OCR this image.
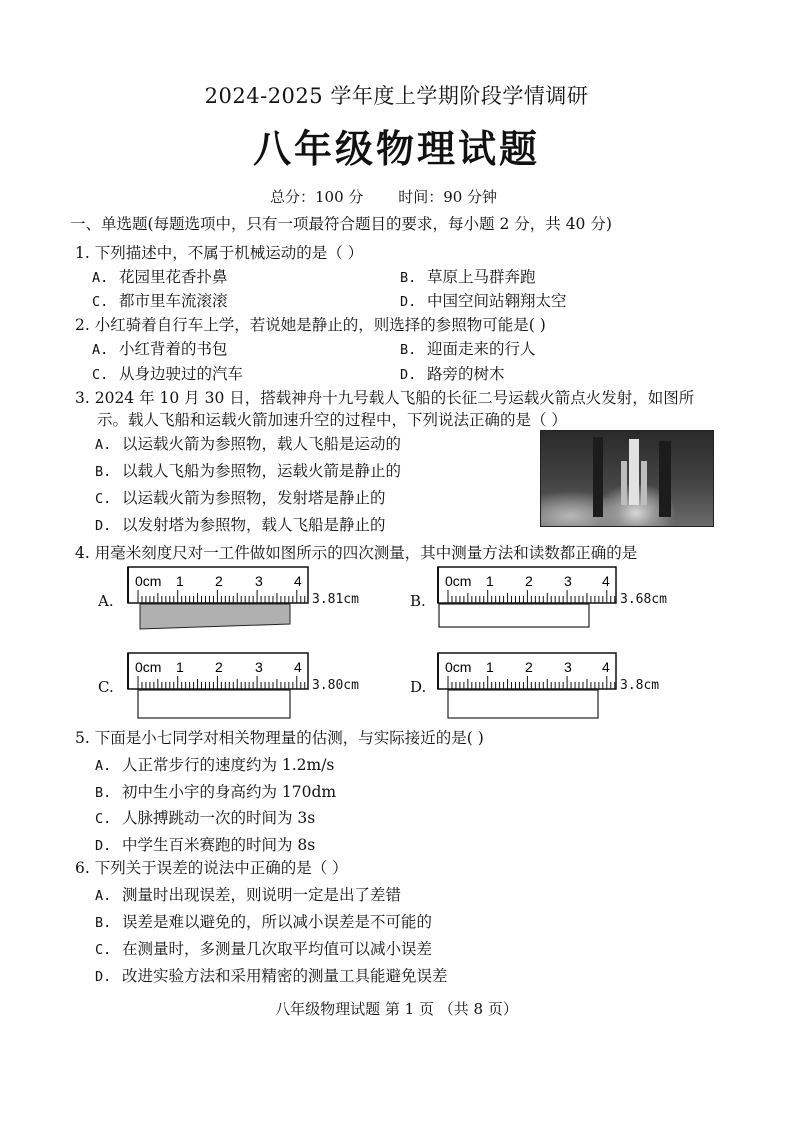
2024-2025 学年度上学期阶段学情调研
八年级物理试题
总分：100 分 时间：90 分钟
一、单选题(每题选项中，只有一项最符合题目的要求，每小题 2 分，共 40 分)
1. 下列描述中，不属于机械运动的是（ ）
A. 花园里花香扑鼻	B. 草原上马群奔跑
C. 都市里车流滚滚	D. 中国空间站翱翔太空
2. 小红骑着自行车上学，若说她是静止的，则选择的参照物可能是( )
A. 小红背着的书包	B. 迎面走来的行人
C. 从身边驶过的汽车	D. 路旁的树木
3. 2024 年 10 月 30 日，搭载神舟十九号载人飞船的长征二号运载火箭点火发射，如图所
示。载人飞船和运载火箭加速升空的过程中，下列说法正确的是（ ）
A. 以运载火箭为参照物，载人飞船是运动的
B. 以载人飞船为参照物，运载火箭是静止的
C. 以运载火箭为参照物，发射塔是静止的
D. 以发射塔为参照物，载人飞船是静止的
4. 用毫米刻度尺对一工件做如图所示的四次测量，其中测量方法和读数都正确的是
A.
0cm 1 2 3 4
3.81cm	B.
0cm 1 2 3 4
3.68cm
C.
0cm 1 2 3 4
3.80cm	D.
0cm 1 2 3 4
3.8cm
5. 下面是小七同学对相关物理量的估测，与实际接近的是( )
A. 人正常步行的速度约为 1.2m/s
B. 初中生小宇的身高约为 170dm
C. 人脉搏跳动一次的时间为 3s
D. 中学生百米赛跑的时间为 8s
6. 下列关于误差的说法中正确的是（ ）
A. 测量时出现误差，则说明一定是出了差错
B. 误差是难以避免的，所以减小误差是不可能的
C. 在测量时，多测量几次取平均值可以减小误差
D. 改进实验方法和采用精密的测量工具能避免误差
八年级物理试题 第 1 页 （共 8 页）
